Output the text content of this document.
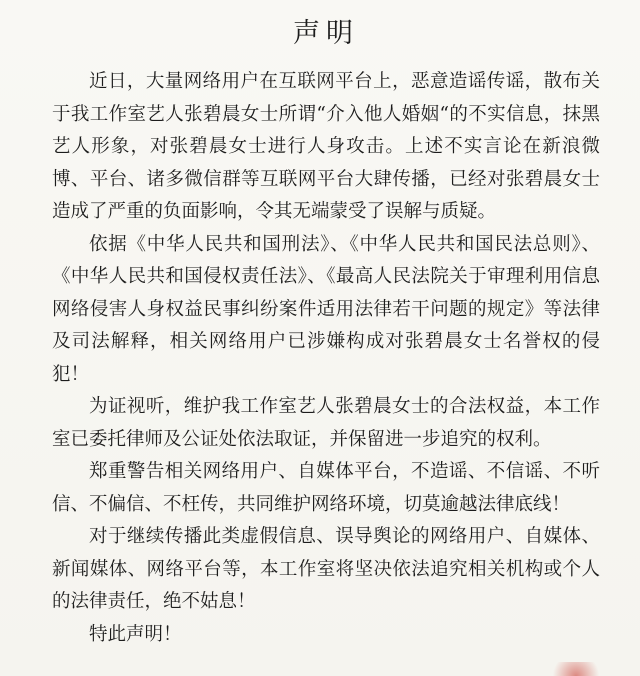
声明

近日，大量网络用户在互联网平台上，恶意造谣传谣，散布关于我工作室艺人张碧晨女士所谓“介入他人婚姻“的不实信息，抹黑艺人形象，对张碧晨女士进行人身攻击。上述不实言论在新浪微博、平台、诸多微信群等互联网平台大肆传播，已经对张碧晨女士造成了严重的负面影响，令其无端蒙受了误解与质疑。

依据《中华人民共和国刑法》、《中华人民共和国民法总则》、《中华人民共和国侵权责任法》、《最高人民法院关于审理利用信息网络侵害人身权益民事纠纷案件适用法律若干问题的规定》等法律及司法解释，相关网络用户已涉嫌构成对张碧晨女士名誉权的侵犯！

为证视听，维护我工作室艺人张碧晨女士的合法权益，本工作室已委托律师及公证处依法取证，并保留进一步追究的权利。

郑重警告相关网络用户、自媒体平台，不造谣、不信谣、不听信、不偏信、不枉传，共同维护网络环境，切莫逾越法律底线！

对于继续传播此类虚假信息、误导舆论的网络用户、自媒体、新闻媒体、网络平台等，本工作室将坚决依法追究相关机构或个人的法律责任，绝不姑息！

特此声明！
